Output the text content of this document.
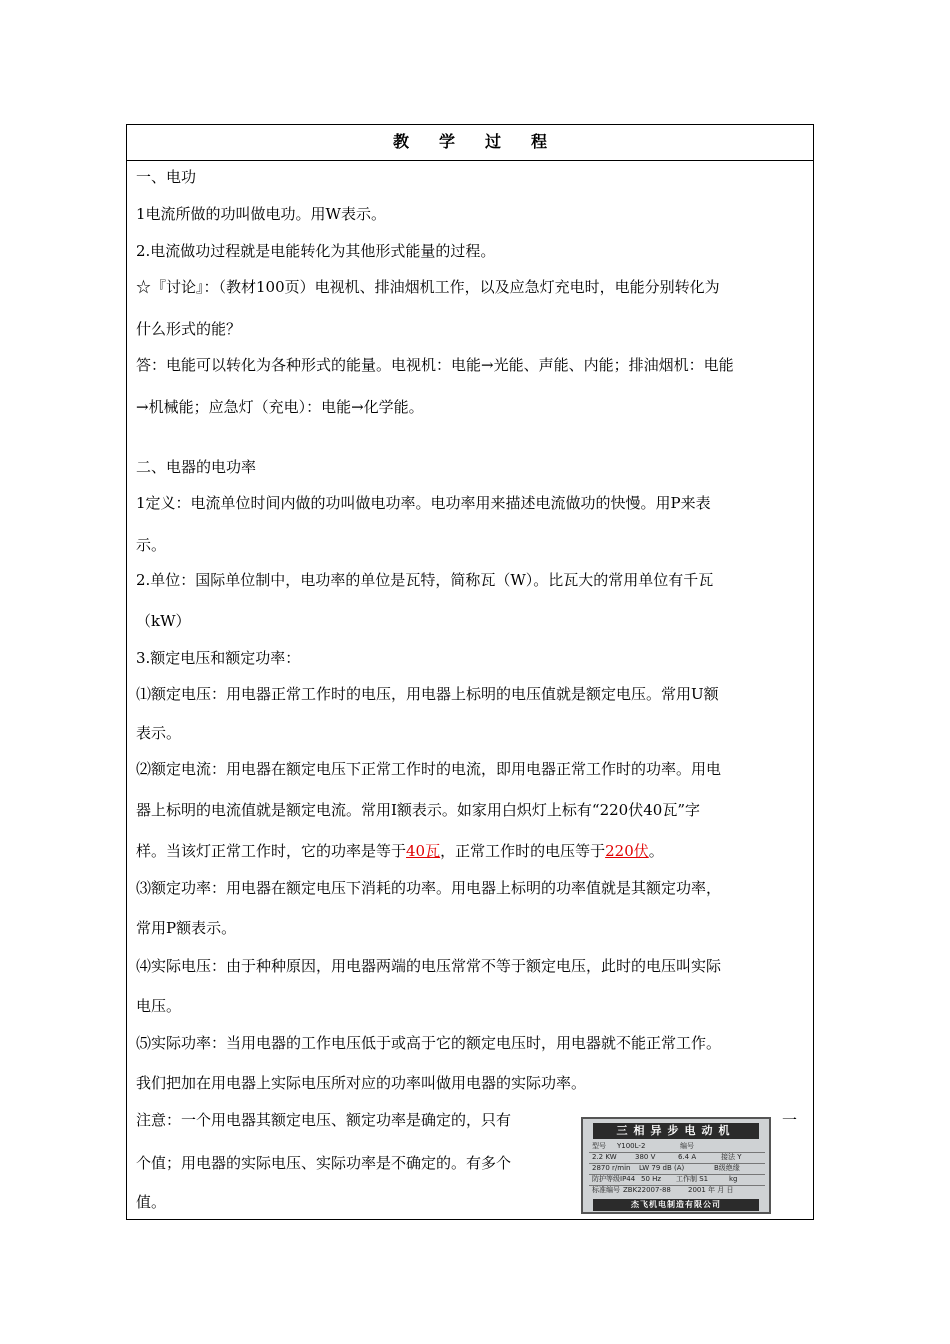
教学过程
一、电功
1电流所做的功叫做电功。用W表示。
2.电流做功过程就是电能转化为其他形式能量的过程。
☆『讨论』：（教材100页）电视机、排油烟机工作，以及应急灯充电时，电能分别转化为
什么形式的能？
答：电能可以转化为各种形式的能量。电视机：电能→光能、声能、内能；排油烟机：电能
→机械能；应急灯（充电）：电能→化学能。
二、电器的电功率
1定义：电流单位时间内做的功叫做电功率。电功率用来描述电流做功的快慢。用P来表
示。
2.单位：国际单位制中，电功率的单位是瓦特，简称瓦（W）。比瓦大的常用单位有千瓦
（kW）
3.额定电压和额定功率：
⑴额定电压：用电器正常工作时的电压，用电器上标明的电压值就是额定电压。常用U额
表示。
⑵额定电流：用电器在额定电压下正常工作时的电流，即用电器正常工作时的功率。用电
器上标明的电流值就是额定电流。常用I额表示。如家用白炽灯上标有“220伏40瓦”字
样。当该灯正常工作时，它的功率是等于40瓦，正常工作时的电压等于220伏。
⑶额定功率：用电器在额定电压下消耗的功率。用电器上标明的功率值就是其额定功率，
常用P额表示。
⑷实际电压：由于种种原因，用电器两端的电压常常不等于额定电压，此时的电压叫实际
电压。
⑸实际功率：当用电器的工作电压低于或高于它的额定电压时，用电器就不能正常工作。
我们把加在用电器上实际电压所对应的功率叫做用电器的实际功率。
注意：一个用电器其额定电压、额定功率是确定的，只有	一
个值；用电器的实际电压、实际功率是不确定的。有多个
值。
三相异步电动机
型号 Y100L-2	编号
2.2 KW	380 V	6.4 A	接法 Y
2870 r/min LW 79 dB (A)	B级绝缘
防护等级IP44 50 Hz 工作制 S1	kg
标准编号 ZBK22007-88 2001 年 月 日
杰飞机电制造有限公司
